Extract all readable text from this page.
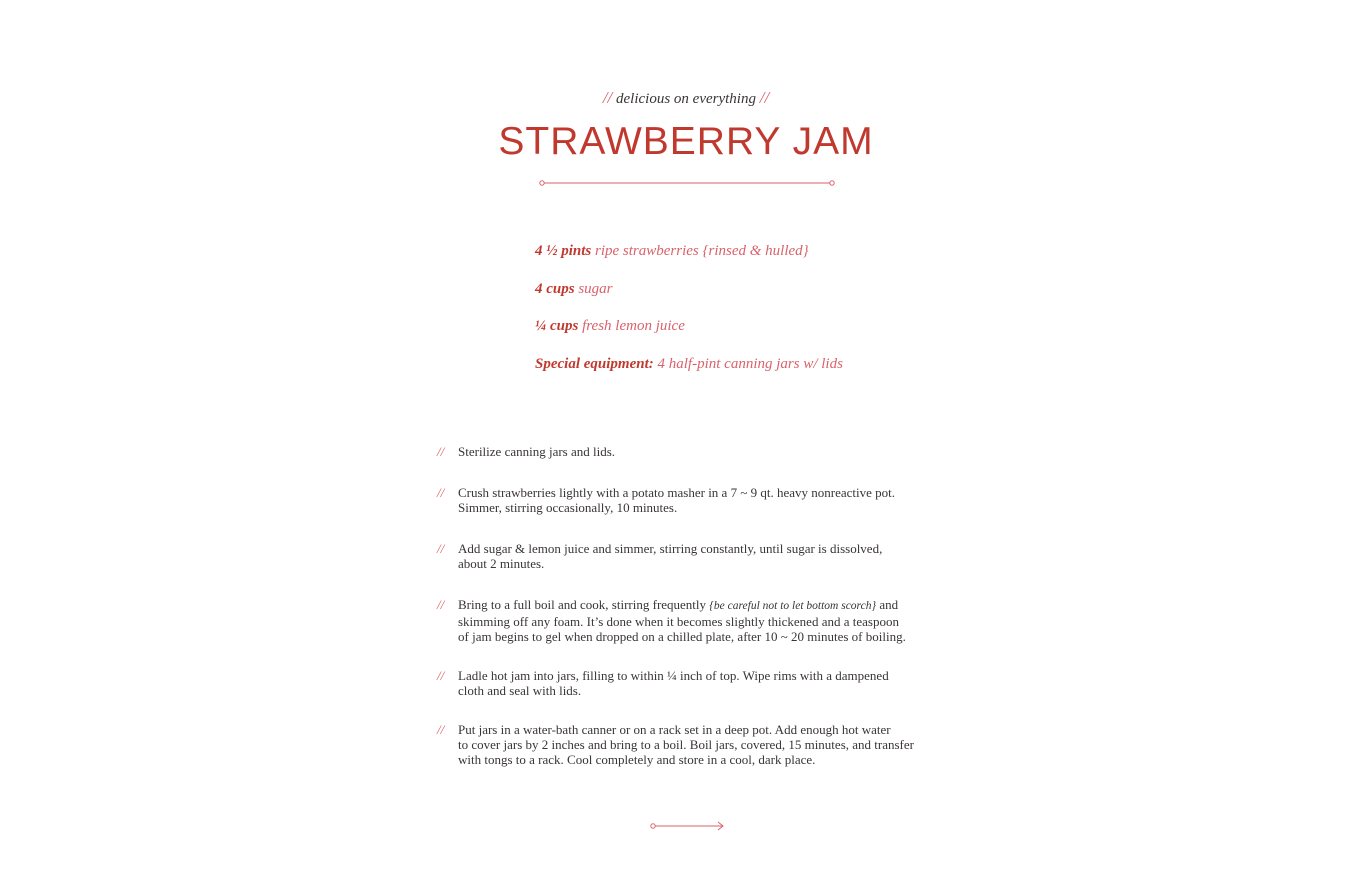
// delicious on everything //
STRAWBERRY JAM
4 ½ pints ripe strawberries {rinsed & hulled}
4 cups sugar
¼ cups fresh lemon juice
Special equipment: 4 half-pint canning jars w/ lids
// Sterilize canning jars and lids.
// Crush strawberries lightly with a potato masher in a 7 ~ 9 qt. heavy nonreactive pot.
Simmer, stirring occasionally, 10 minutes.
// Add sugar & lemon juice and simmer, stirring constantly, until sugar is dissolved,
about 2 minutes.
// Bring to a full boil and cook, stirring frequently {be careful not to let bottom scorch} and
skimming off any foam. It’s done when it becomes slightly thickened and a teaspoon
of jam begins to gel when dropped on a chilled plate, after 10 ~ 20 minutes of boiling.
// Ladle hot jam into jars, filling to within ¼ inch of top. Wipe rims with a dampened
cloth and seal with lids.
// Put jars in a water-bath canner or on a rack set in a deep pot. Add enough hot water
to cover jars by 2 inches and bring to a boil. Boil jars, covered, 15 minutes, and transfer
with tongs to a rack. Cool completely and store in a cool, dark place.
